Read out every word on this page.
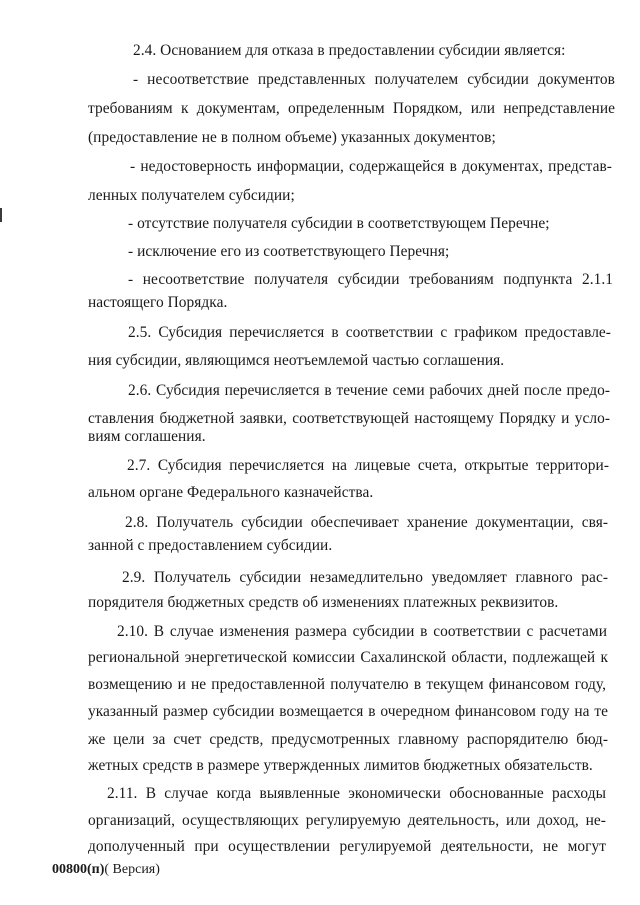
2.4. Основанием для отказа в предоставлении субсидии является:
- несоответствие представленных получателем субсидии документов
требованиям к документам, определенным Порядком, или непредставление
(предоставление не в полном объеме) указанных документов;
- недостоверность информации, содержащейся в документах, представ-
ленных получателем субсидии;
- отсутствие получателя субсидии в соответствующем Перечне;
- исключение его из соответствующего Перечня;
- несоответствие получателя субсидии требованиям подпункта 2.1.1
настоящего Порядка.
2.5. Субсидия перечисляется в соответствии с графиком предоставле-
ния субсидии, являющимся неотъемлемой частью соглашения.
2.6. Субсидия перечисляется в течение семи рабочих дней после предо-
ставления бюджетной заявки, соответствующей настоящему Порядку и усло-
виям соглашения.
2.7. Субсидия перечисляется на лицевые счета, открытые территори-
альном органе Федерального казначейства.
2.8. Получатель субсидии обеспечивает хранение документации, свя-
занной с предоставлением субсидии.
2.9. Получатель субсидии незамедлительно уведомляет главного рас-
порядителя бюджетных средств об изменениях платежных реквизитов.
2.10. В случае изменения размера субсидии в соответствии с расчетами
региональной энергетической комиссии Сахалинской области, подлежащей к
возмещению и не предоставленной получателю в текущем финансовом году,
указанный размер субсидии возмещается в очередном финансовом году на те
же цели за счет средств, предусмотренных главному распорядителю бюд-
жетных средств в размере утвержденных лимитов бюджетных обязательств.
2.11. В случае когда выявленные экономически обоснованные расходы
организаций, осуществляющих регулируемую деятельность, или доход, не-
дополученный при осуществлении регулируемой деятельности, не могут
00800(п)( Версия)
